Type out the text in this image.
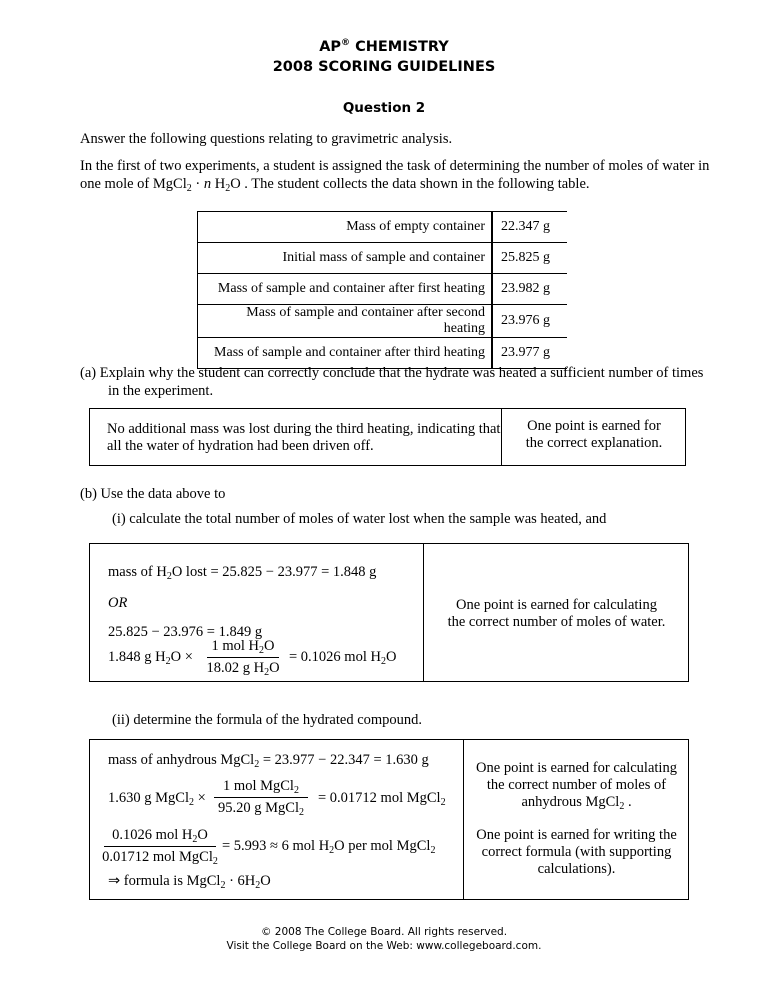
AP® CHEMISTRY
2008 SCORING GUIDELINES
Question 2
Answer the following questions relating to gravimetric analysis.
In the first of two experiments, a student is assigned the task of determining the number of moles of water in
one mole of MgCl$_2$ · n $H_2O$ . The student collects the data shown in the following table.
Mass of empty container	22.347 g
Initial mass of sample and container	25.825 g
Mass of sample and container after first heating	23.982 g
Mass of sample and container after second heating	23.976 g
Mass of sample and container after third heating	23.977 g
(a) Explain why the student can correctly conclude that the hydrate was heated a sufficient number of times
in the experiment.
No additional mass was lost during the third heating, indicating that
all the water of hydration had been driven off.
One point is earned for
the correct explanation.
(b) Use the data above to
(i) calculate the total number of moles of water lost when the sample was heated, and
mass of $H_2O$ lost = 25.825 − 23.977 = 1.848 g
OR
25.825 − 23.976 = 1.849 g
1.848 g $H_2O$ ×
1 mol $H_2O$
18.02 g $H_2O$
= 0.1026 mol $H_2O$
One point is earned for calculating
the correct number of moles of water.
(ii) determine the formula of the hydrated compound.
mass of anhydrous MgCl$_2$ = 23.977 − 22.347 = 1.630 g
1.630 g MgCl$_2$ ×
1 mol MgCl$_2$
95.20 g MgCl$_2$
= 0.01712 mol MgCl$_2$
0.1026 mol $H_2O$
0.01712 mol MgCl$_2$
= 5.993 ≈ 6 mol $H_2O$ per mol MgCl$_2$
⇒ formula is MgCl$_2$ · $6H_2O$
One point is earned for calculating
the correct number of moles of
anhydrous MgCl$_2$ .
One point is earned for writing the
correct formula (with supporting
calculations).
© 2008 The College Board. All rights reserved.
Visit the College Board on the Web: www.collegeboard.com.
